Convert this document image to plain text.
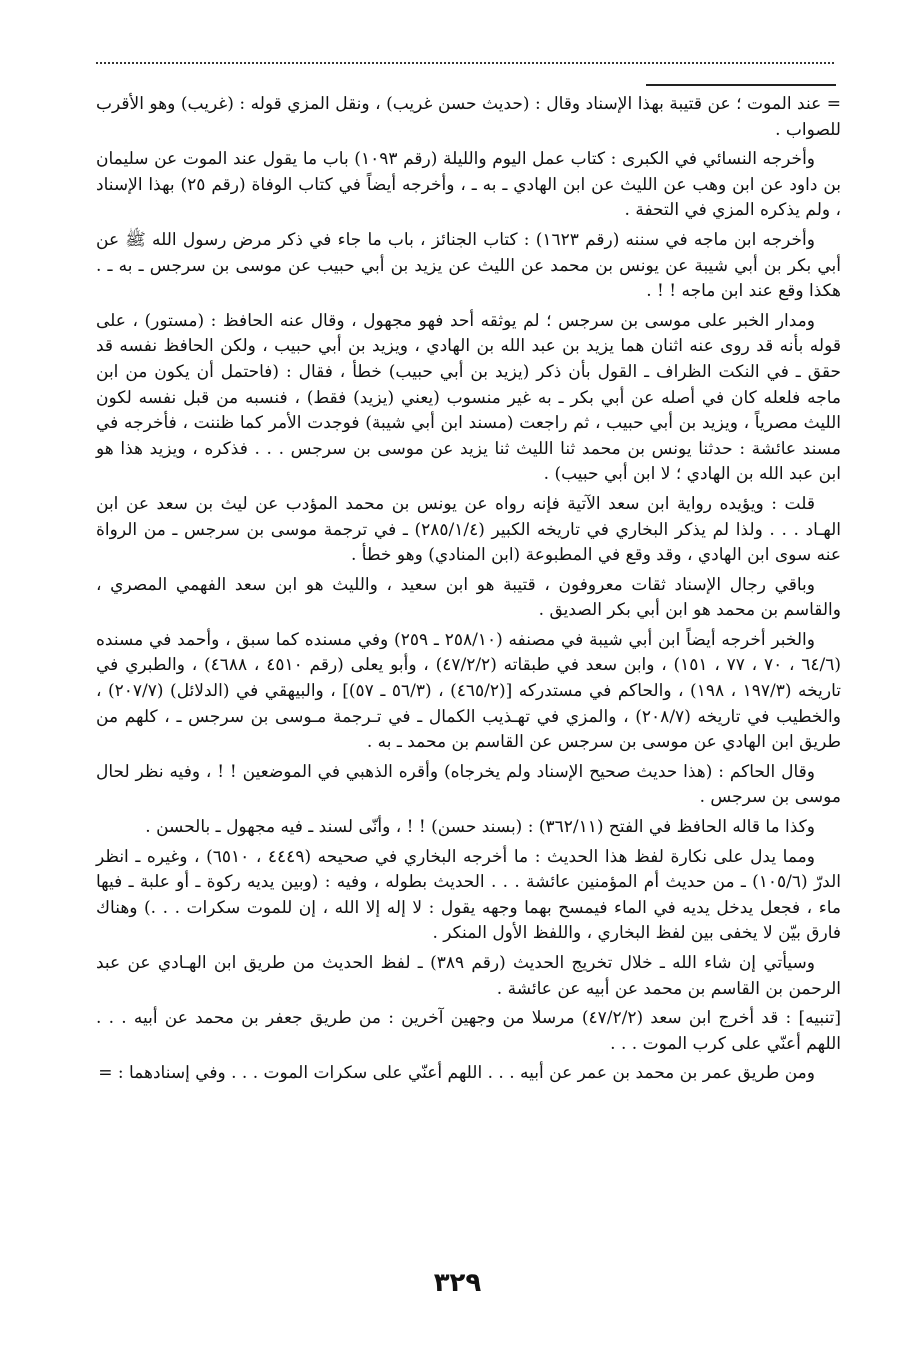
= عند الموت ؛ عن قتيبة بهذا الإسناد وقال : (حديث حسن غريب) ، ونقل المزي قوله : (غريب) وهو الأقرب للصواب .

وأخرجه النسائي في الكبرى : كتاب عمل اليوم والليلة (رقم ١٠٩٣) باب ما يقول عند الموت عن سليمان بن داود عن ابن وهب عن الليث عن ابن الهادي ـ به ـ ، وأخرجه أيضاً في كتاب الوفاة (رقم ٢٥) بهذا الإسناد ، ولم يذكره المزي في التحفة .

وأخرجه ابن ماجه في سننه (رقم ١٦٢٣) : كتاب الجنائز ، باب ما جاء في ذكر مرض رسول الله ﷺ عن أبي بكر بن أبي شيبة عن يونس بن محمد عن الليث عن يزيد بن أبي حبيب عن موسى بن سرجس ـ به ـ . هكذا وقع عند ابن ماجه ! ! .

ومدار الخبر على موسى بن سرجس ؛ لم يوثقه أحد فهو مجهول ، وقال عنه الحافظ : (مستور) ، على قوله بأنه قد روى عنه اثنان هما يزيد بن عبد الله بن الهادي ، ويزيد بن أبي حبيب ، ولكن الحافظ نفسه قد حقق ـ في النكت الظراف ـ القول بأن ذكر (يزيد بن أبي حبيب) خطأ ، فقال : (فاحتمل أن يكون من ابن ماجه فلعله كان في أصله عن أبي بكر ـ به غير منسوب (يعني (يزيد) فقط) ، فنسبه من قبل نفسه لكون الليث مصرياً ، ويزيد بن أبي حبيب ، ثم راجعت (مسند ابن أبي شيبة) فوجدت الأمر كما ظننت ، فأخرجه في مسند عائشة : حدثنا يونس بن محمد ثنا الليث ثنا يزيد عن موسى بن سرجس . . . فذكره ، ويزيد هذا هو ابن عبد الله بن الهادي ؛ لا ابن أبي حبيب) .

قلت : ويؤيده رواية ابن سعد الآتية فإنه رواه عن يونس بن محمد المؤدب عن ليث بن سعد عن ابن الهـاد . . . ولذا لم يذكر البخاري في تاريخه الكبير (٢٨٥/١/٤) ـ في ترجمة موسى بن سرجس ـ من الرواة عنه سوى ابن الهادي ، وقد وقع في المطبوعة (ابن المنادي) وهو خطأ .

وباقي رجال الإسناد ثقات معروفون ، قتيبة هو ابن سعيد ، والليث هو ابن سعد الفهمي المصري ، والقاسم بن محمد هو ابن أبي بكر الصديق .

والخبر أخرجه أيضاً ابن أبي شيبة في مصنفه (٢٥٨/١٠ ـ ٢٥٩) وفي مسنده كما سبق ، وأحمد في مسنده (٦٤/٦ ، ٧٠ ، ٧٧ ، ١٥١) ، وابن سعد في طبقاته (٤٧/٢/٢) ، وأبو يعلى (رقم ٤٥١٠ ، ٤٦٨٨) ، والطبري في تاريخه (١٩٧/٣ ، ١٩٨) ، والحاكم في مستدركه [(٤٦٥/٢) ، (٥٦/٣ ـ ٥٧)] ، والبيهقي في (الدلائل) (٢٠٧/٧) ، والخطيب في تاريخه (٢٠٨/٧) ، والمزي في تهـذيب الكمال ـ في تـرجمة مـوسى بن سرجس ـ ، كلهم من طريق ابن الهادي عن موسى بن سرجس عن القاسم بن محمد ـ به .

وقال الحاكم : (هذا حديث صحيح الإسناد ولم يخرجاه) وأقره الذهبي في الموضعين ! ! ، وفيه نظر لحال موسى بن سرجس .

وكذا ما قاله الحافظ في الفتح (٣٦٢/١١) : (بسند حسن) ! ! ، وأنّى لسند ـ فيه مجهول ـ بالحسن .

ومما يدل على نكارة لفظ هذا الحديث : ما أخرجه البخاري في صحيحه (٤٤٤٩ ، ٦٥١٠) ، وغيره ـ انظر الدرّ (١٠٥/٦) ـ من حديث أم المؤمنين عائشة . . . الحديث بطوله ، وفيه : (وبين يديه ركوة ـ أو علبة ـ فيها ماء ، فجعل يدخل يديه في الماء فيمسح بهما وجهه يقول : لا إله إلا الله ، إن للموت سكرات . . .) وهناك فارق بيّن لا يخفى بين لفظ البخاري ، واللفظ الأول المنكر .

وسيأتي إن شاء الله ـ خلال تخريج الحديث (رقم ٣٨٩) ـ لفظ الحديث من طريق ابن الهـادي عن عبد الرحمن بن القاسم بن محمد عن أبيه عن عائشة .

[تنبيه] : قد أخرج ابن سعد (٤٧/٢/٢) مرسلا من وجهين آخرين : من طريق جعفر بن محمد عن أبيه . . . اللهم أعنّي على كرب الموت . . .

ومن طريق عمر بن محمد بن عمر عن أبيه . . . اللهم أعنّي على سكرات الموت . . . وفي إسنادهما : =

٣٢٩
